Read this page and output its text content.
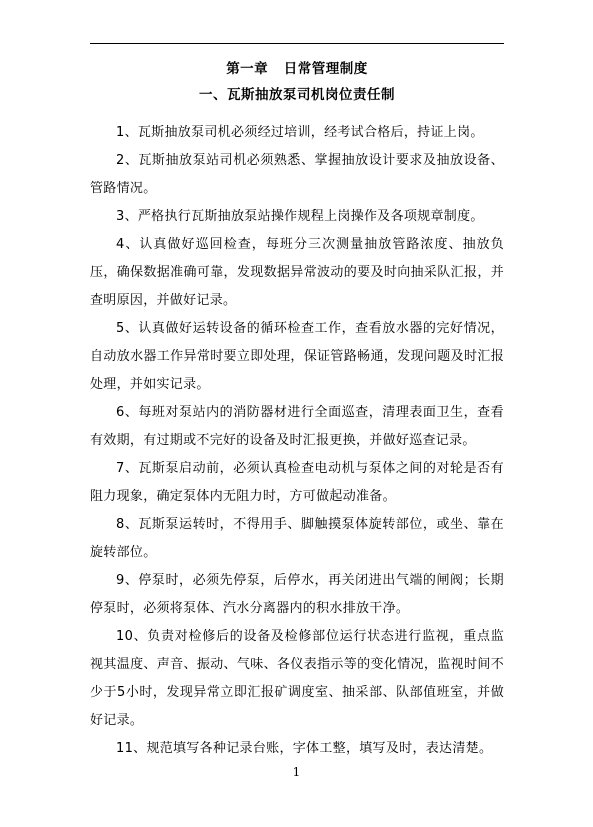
第一章   日常管理制度
一、瓦斯抽放泵司机岗位责任制

1、瓦斯抽放泵司机必须经过培训，经考试合格后，持证上岗。

2、瓦斯抽放泵站司机必须熟悉、掌握抽放设计要求及抽放设备、管路情况。

3、严格执行瓦斯抽放泵站操作规程上岗操作及各项规章制度。

4、认真做好巡回检查，每班分三次测量抽放管路浓度、抽放负压，确保数据准确可靠，发现数据异常波动的要及时向抽采队汇报，并查明原因，并做好记录。

5、认真做好运转设备的循环检查工作，查看放水器的完好情况，自动放水器工作异常时要立即处理，保证管路畅通，发现问题及时汇报处理，并如实记录。

6、每班对泵站内的消防器材进行全面巡查，清理表面卫生，查看有效期，有过期或不完好的设备及时汇报更换，并做好巡查记录。

7、瓦斯泵启动前，必须认真检查电动机与泵体之间的对轮是否有阻力现象，确定泵体内无阻力时，方可做起动准备。

8、瓦斯泵运转时，不得用手、脚触摸泵体旋转部位，或坐、靠在旋转部位。

9、停泵时，必须先停泵，后停水，再关闭进出气端的闸阀；长期停泵时，必须将泵体、汽水分离器内的积水排放干净。

10、负责对检修后的设备及检修部位运行状态进行监视，重点监视其温度、声音、振动、气味、各仪表指示等的变化情况，监视时间不少于5小时，发现异常立即汇报矿调度室、抽采部、队部值班室，并做好记录。

11、规范填写各种记录台账，字体工整，填写及时，表达清楚。

1
